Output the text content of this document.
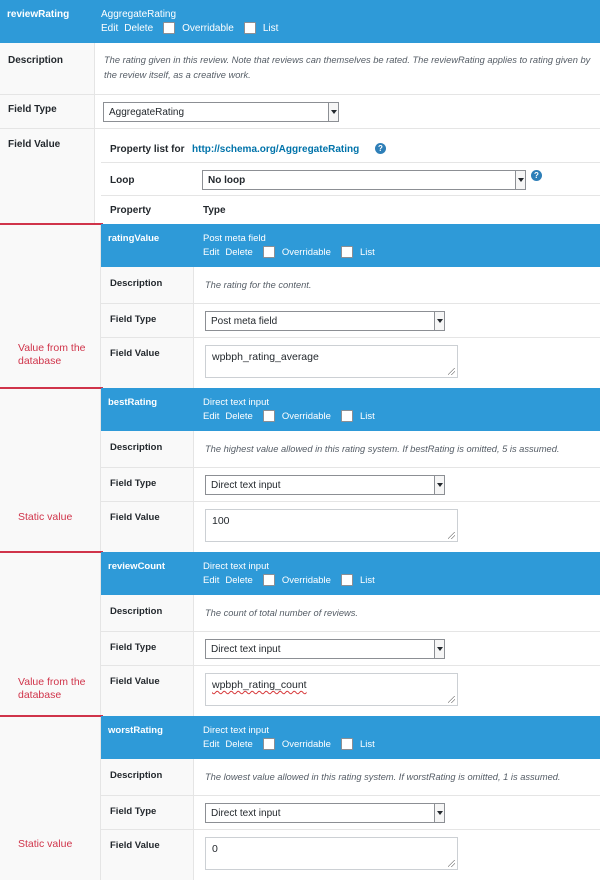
reviewRating	AggregateRating
Edit Delete	Overridable	List
Description	The rating given in this review. Note that reviews can themselves be rated. The reviewRating applies to rating given by the review itself, as a creative work.
Field Type	AggregateRating
Field Value	Property list for http://schema.org/AggregateRating	?
Loop	No loop	?
Property	Type
Value from the database
ratingValue	Post meta field
Edit Delete	Overridable	List
Description	The rating for the content.
Field Type	Post meta field
Field Value	wpbph_rating_average
Static value
bestRating	Direct text input
Edit Delete	Overridable	List
Description	The highest value allowed in this rating system. If bestRating is omitted, 5 is assumed.
Field Type	Direct text input
Field Value	100
Value from the database
reviewCount	Direct text input
Edit Delete	Overridable	List
Description	The count of total number of reviews.
Field Type	Direct text input
Field Value	wpbph_rating_count
Static value
worstRating	Direct text input
Edit Delete	Overridable	List
Description	The lowest value allowed in this rating system. If worstRating is omitted, 1 is assumed.
Field Type	Direct text input
Field Value	0
